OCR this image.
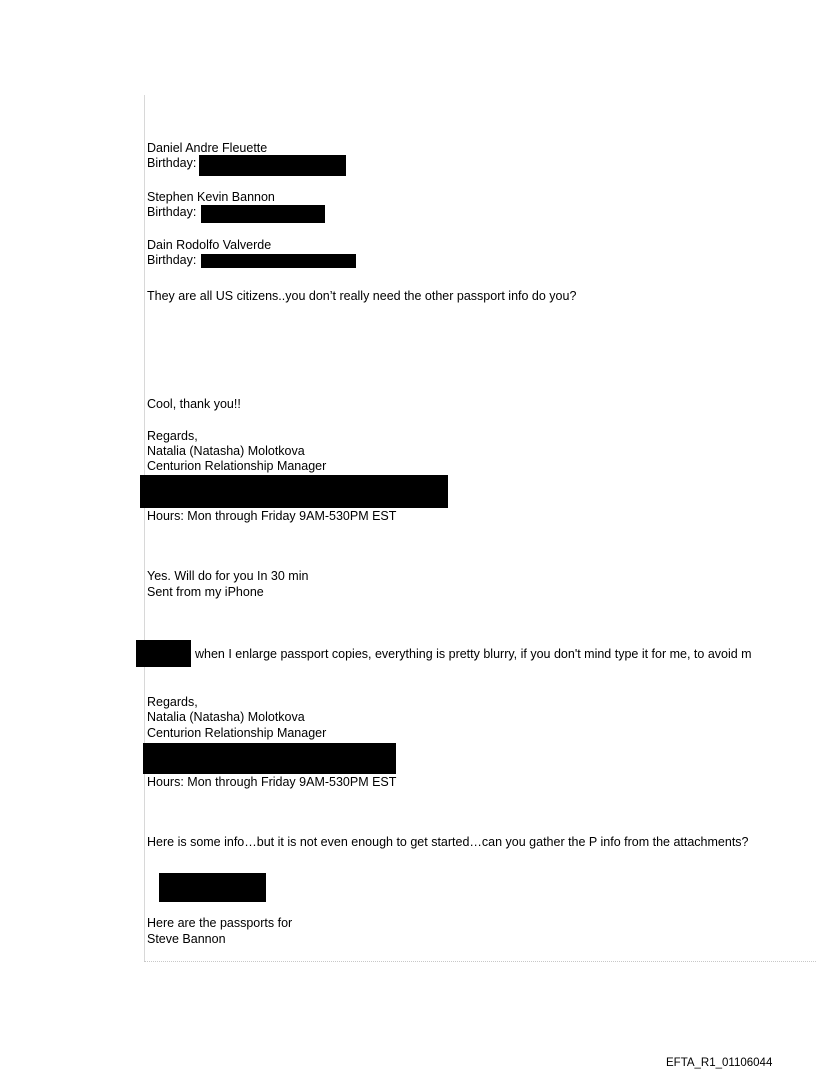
Daniel Andre Fleuette
Birthday:
Stephen Kevin Bannon
Birthday:
Dain Rodolfo Valverde
Birthday:
They are all US citizens..you don’t really need the other passport info do you?
Cool, thank you!!
Regards,
Natalia (Natasha) Molotkova
Centurion Relationship Manager
Hours: Mon through Friday 9AM-530PM EST
Yes. Will do for you In 30 min
Sent from my iPhone
when I enlarge passport copies, everything is pretty blurry, if you don't mind type it for me, to avoid m
Regards,
Natalia (Natasha) Molotkova
Centurion Relationship Manager
Hours: Mon through Friday 9AM-530PM EST
Here is some info…but it is not even enough to get started…can you gather the P info from the attachments?
Here are the passports for
Steve Bannon
EFTA_R1_01106044
